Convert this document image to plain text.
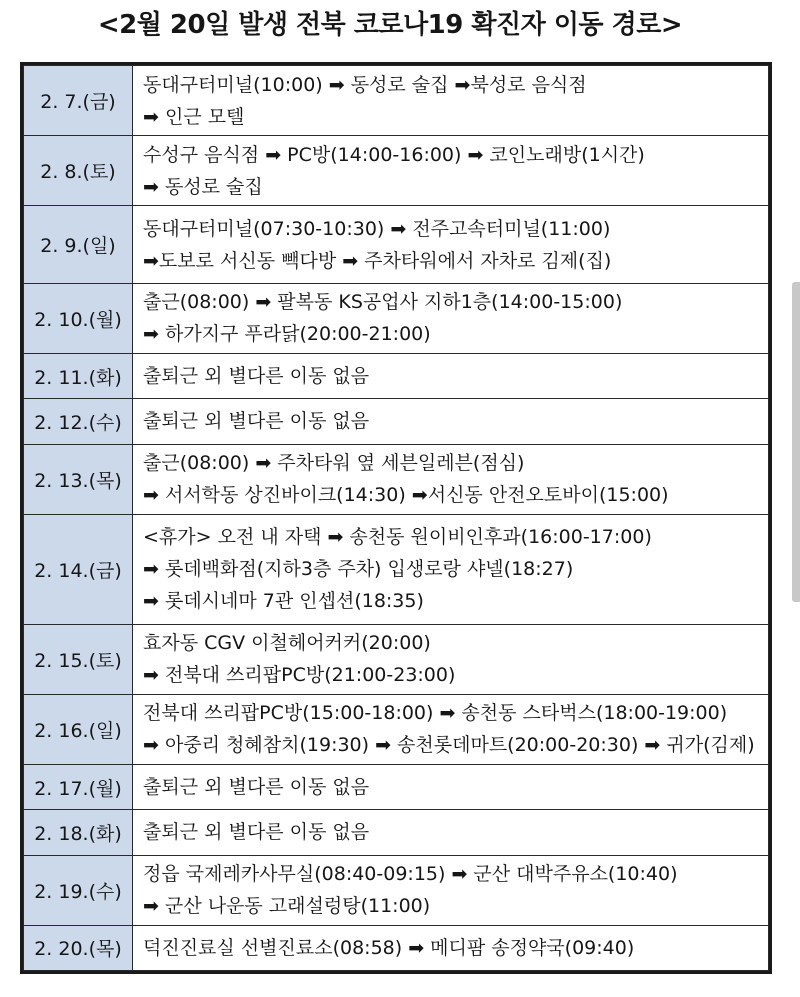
<2월 20일 발생 전북 코로나19 확진자 이동 경로>
2. 7.(금)	동대구터미널(10:00) ➡ 동성로 술집 ➡북성로 음식점
➡ 인근 모텔

2. 8.(토)	수성구 음식점 ➡ PC방(14:00-16:00) ➡ 코인노래방(1시간)
➡ 동성로 술집

2. 9.(일)	동대구터미널(07:30-10:30) ➡ 전주고속터미널(11:00)
➡도보로 서신동 빽다방 ➡ 주차타워에서 자차로 김제(집)

2. 10.(월)	출근(08:00) ➡ 팔복동 KS공업사 지하1층(14:00-15:00)
➡ 하가지구 푸라닭(20:00-21:00)

2. 11.(화)	출퇴근 외 별다른 이동 없음

2. 12.(수)	출퇴근 외 별다른 이동 없음

2. 13.(목)	출근(08:00) ➡ 주차타워 옆 세븐일레븐(점심)
➡ 서서학동 상진바이크(14:30) ➡서신동 안전오토바이(15:00)

2. 14.(금)	<휴가> 오전 내 자택 ➡ 송천동 원이비인후과(16:00-17:00)
➡ 롯데백화점(지하3층 주차) 입생로랑 샤넬(18:27)
➡ 롯데시네마 7관 인셉션(18:35)

2. 15.(토)	효자동 CGV 이철헤어커커(20:00)
➡ 전북대 쓰리팝PC방(21:00-23:00)

2. 16.(일)	전북대 쓰리팝PC방(15:00-18:00) ➡ 송천동 스타벅스(18:00-19:00)
➡ 아중리 청혜참치(19:30) ➡ 송천롯데마트(20:00-20:30) ➡ 귀가(김제)

2. 17.(월)	출퇴근 외 별다른 이동 없음

2. 18.(화)	출퇴근 외 별다른 이동 없음

2. 19.(수)	정읍 국제레카사무실(08:40-09:15) ➡ 군산 대박주유소(10:40)
➡ 군산 나운동 고래설렁탕(11:00)

2. 20.(목)	덕진진료실 선별진료소(08:58) ➡ 메디팜 송정약국(09:40)
